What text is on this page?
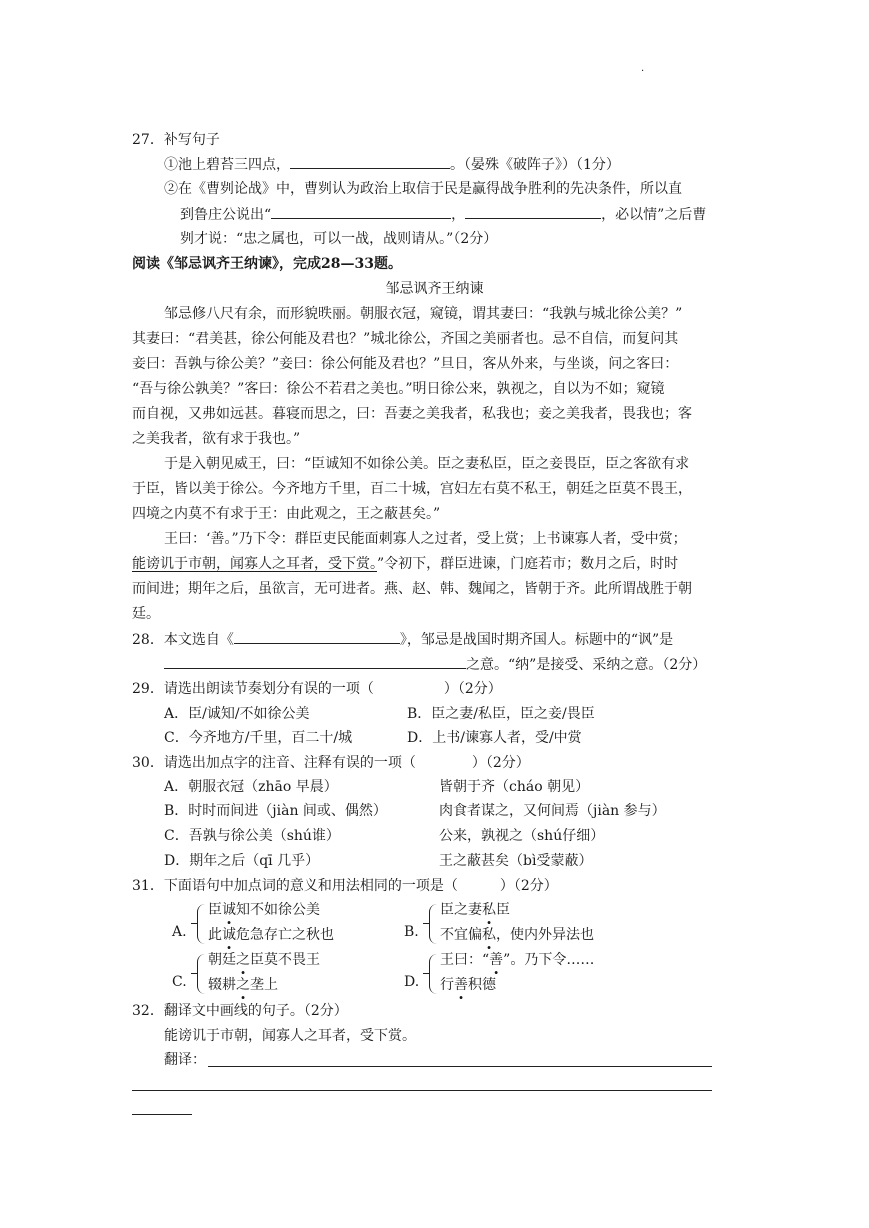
·
27．补写句子
①池上碧苔三四点，	。（晏殊《破阵子》）（1分）
②在《曹刿论战》中，曹刿认为政治上取信于民是赢得战争胜利的先决条件，所以直
到鲁庄公说出“	，	，必以情”之后曹
刿才说：“忠之属也，可以一战，战则请从。”（2分）
阅读《邹忌讽齐王纳谏》，完成28—33题。
邹忌讽齐王纳谏
邹忌修八尺有余，而形貌昳丽。朝服衣冠，窥镜，谓其妻曰：“我孰与城北徐公美？”
其妻曰：“君美甚，徐公何能及君也？”城北徐公，齐国之美丽者也。忌不自信，而复问其
妾曰：吾孰与徐公美？”妾曰：徐公何能及君也？”旦日，客从外来，与坐谈，问之客曰：
“吾与徐公孰美？”客曰：徐公不若君之美也。”明日徐公来，孰视之，自以为不如；窥镜
而自视，又弗如远甚。暮寝而思之，曰：吾妻之美我者，私我也；妾之美我者，畏我也；客
之美我者，欲有求于我也。”
于是入朝见威王，曰：“臣诚知不如徐公美。臣之妻私臣，臣之妾畏臣，臣之客欲有求
于臣，皆以美于徐公。今齐地方千里，百二十城，宫妇左右莫不私王，朝廷之臣莫不畏王，
四境之内莫不有求于王：由此观之，王之蔽甚矣。”
王曰：‘善。”乃下令：群臣吏民能面刺寡人之过者，受上赏；上书谏寡人者，受中赏；
能谤讥于市朝，闻寡人之耳者，受下赏。”令初下，群臣进谏，门庭若市；数月之后，时时
而间进；期年之后，虽欲言，无可进者。燕、赵、韩、魏闻之，皆朝于齐。此所谓战胜于朝
廷。
28．本文选自《	》，邹忌是战国时期齐国人。标题中的“讽”是
之意。“纳”是接受、采纳之意。（2分）
29．请选出朗读节奏划分有误的一项（　　　　　）（2分）
A．臣/诚知/不如徐公美	B．臣之妻/私臣，臣之妾/畏臣
C．今齐地方/千里，百二十/城	D．上书/谏寡人者，受/中赏
30．请选出加点字的注音、注释有误的一项（　　　　）（2分）
A．朝服衣冠（zhāo 早晨）	皆朝于齐（cháo 朝见）
B．时时而间进（jiàn 间或、偶然）	肉食者谋之，又何间焉（jiàn 参与）
C．吾孰与徐公美（shú谁）	公来，孰视之（shú仔细）
D．期年之后（qī 几乎）	王之蔽甚矣（bì受蒙蔽）
31．下面语句中加点词的意义和用法相同的一项是（　　　）（2分）
A.
臣诚知不如徐公美
此诚危急存亡之秋也	B.
臣之妻私臣
不宜偏私，使内外异法也
C.
朝廷之臣莫不畏王
辍耕之垄上	D.
王曰：“善”。乃下令……
行善积德
32．翻译文中画线的句子。（2分）
能谤讥于市朝，闻寡人之耳者，受下赏。
翻译：
